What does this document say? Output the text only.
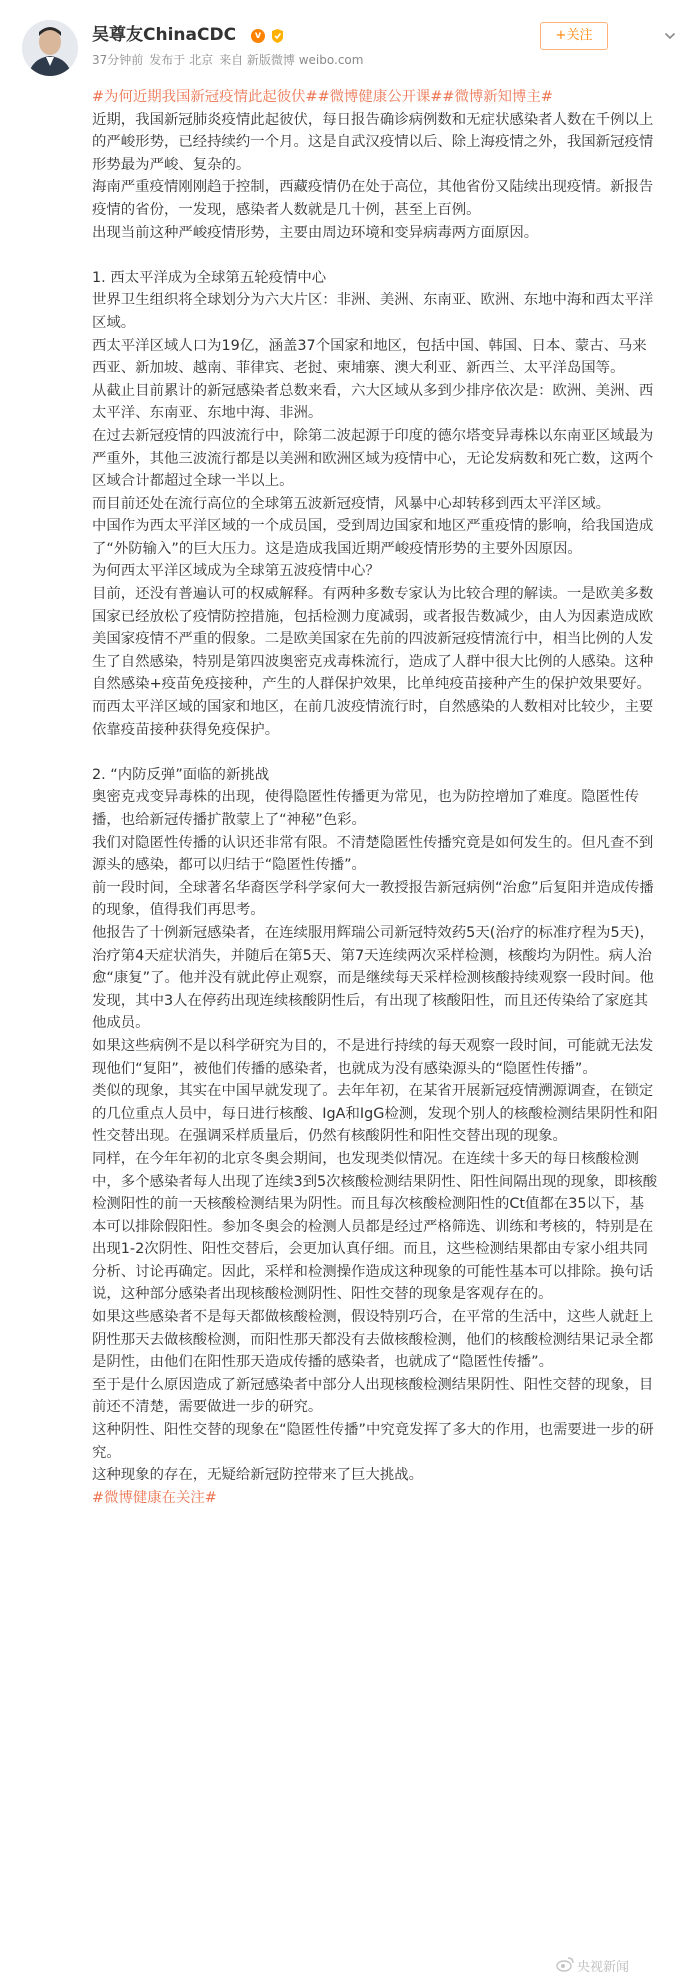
吴尊友ChinaCDC	v
37分钟前 发布于 北京 来自 新版微博 weibo.com
+关注

#为何近期我国新冠疫情此起彼伏##微博健康公开课##微博新知博主#

近期，我国新冠肺炎疫情此起彼伏，每日报告确诊病例数和无症状感染者人数在千例以上的严峻形势，已经持续约一个月。这是自武汉疫情以后、除上海疫情之外，我国新冠疫情形势最为严峻、复杂的。

海南严重疫情刚刚趋于控制，西藏疫情仍在处于高位，其他省份又陆续出现疫情。新报告疫情的省份，一发现，感染者人数就是几十例，甚至上百例。

出现当前这种严峻疫情形势，主要由周边环境和变异病毒两方面原因。

1. 西太平洋成为全球第五轮疫情中心

世界卫生组织将全球划分为六大片区：非洲、美洲、东南亚、欧洲、东地中海和西太平洋区域。

西太平洋区域人口为19亿，涵盖37个国家和地区，包括中国、韩国、日本、蒙古、马来西亚、新加坡、越南、菲律宾、老挝、柬埔寨、澳大利亚、新西兰、太平洋岛国等。

从截止目前累计的新冠感染者总数来看，六大区域从多到少排序依次是：欧洲、美洲、西太平洋、东南亚、东地中海、非洲。

在过去新冠疫情的四波流行中，除第二波起源于印度的德尔塔变异毒株以东南亚区域最为严重外，其他三波流行都是以美洲和欧洲区域为疫情中心，无论发病数和死亡数，这两个区域合计都超过全球一半以上。

而目前还处在流行高位的全球第五波新冠疫情，风暴中心却转移到西太平洋区域。

中国作为西太平洋区域的一个成员国，受到周边国家和地区严重疫情的影响，给我国造成了“外防输入”的巨大压力。这是造成我国近期严峻疫情形势的主要外因原因。

为何西太平洋区域成为全球第五波疫情中心？

目前，还没有普遍认可的权威解释。有两种多数专家认为比较合理的解读。一是欧美多数国家已经放松了疫情防控措施，包括检测力度减弱，或者报告数减少，由人为因素造成欧美国家疫情不严重的假象。二是欧美国家在先前的四波新冠疫情流行中，相当比例的人发生了自然感染，特别是第四波奥密克戎毒株流行，造成了人群中很大比例的人感染。这种自然感染+疫苗免疫接种，产生的人群保护效果，比单纯疫苗接种产生的保护效果要好。而西太平洋区域的国家和地区，在前几波疫情流行时，自然感染的人数相对比较少，主要依靠疫苗接种获得免疫保护。

2. “内防反弹”面临的新挑战

奥密克戎变异毒株的出现，使得隐匿性传播更为常见，也为防控增加了难度。隐匿性传播，也给新冠传播扩散蒙上了“神秘”色彩。

我们对隐匿性传播的认识还非常有限。不清楚隐匿性传播究竟是如何发生的。但凡查不到源头的感染，都可以归结于“隐匿性传播”。

前一段时间，全球著名华裔医学科学家何大一教授报告新冠病例“治愈”后复阳并造成传播的现象，值得我们再思考。

他报告了十例新冠感染者，在连续服用辉瑞公司新冠特效药5天(治疗的标准疗程为5天)，治疗第4天症状消失，并随后在第5天、第7天连续两次采样检测，核酸均为阴性。病人治愈“康复”了。他并没有就此停止观察，而是继续每天采样检测核酸持续观察一段时间。他发现，其中3人在停药出现连续核酸阴性后，有出现了核酸阳性，而且还传染给了家庭其他成员。

如果这些病例不是以科学研究为目的，不是进行持续的每天观察一段时间，可能就无法发现他们“复阳”，被他们传播的感染者，也就成为没有感染源头的“隐匿性传播”。

类似的现象，其实在中国早就发现了。去年年初，在某省开展新冠疫情溯源调查，在锁定的几位重点人员中，每日进行核酸、IgA和IgG检测，发现个别人的核酸检测结果阴性和阳性交替出现。在强调采样质量后，仍然有核酸阴性和阳性交替出现的现象。

同样，在今年年初的北京冬奥会期间，也发现类似情况。在连续十多天的每日核酸检测中，多个感染者每人出现了连续3到5次核酸检测结果阴性、阳性间隔出现的现象，即核酸检测阳性的前一天核酸检测结果为阴性。而且每次核酸检测阳性的Ct值都在35以下，基本可以排除假阳性。参加冬奥会的检测人员都是经过严格筛选、训练和考核的，特别是在出现1-2次阴性、阳性交替后，会更加认真仔细。而且，这些检测结果都由专家小组共同分析、讨论再确定。因此，采样和检测操作造成这种现象的可能性基本可以排除。换句话说，这种部分感染者出现核酸检测阴性、阳性交替的现象是客观存在的。

如果这些感染者不是每天都做核酸检测，假设特别巧合，在平常的生活中，这些人就赶上阴性那天去做核酸检测，而阳性那天都没有去做核酸检测，他们的核酸检测结果记录全都是阴性，由他们在阳性那天造成传播的感染者，也就成了“隐匿性传播”。

至于是什么原因造成了新冠感染者中部分人出现核酸检测结果阴性、阳性交替的现象，目前还不清楚，需要做进一步的研究。

这种阴性、阳性交替的现象在“隐匿性传播”中究竟发挥了多大的作用，也需要进一步的研究。

这种现象的存在，无疑给新冠防控带来了巨大挑战。

#微博健康在关注#

央视新闻
